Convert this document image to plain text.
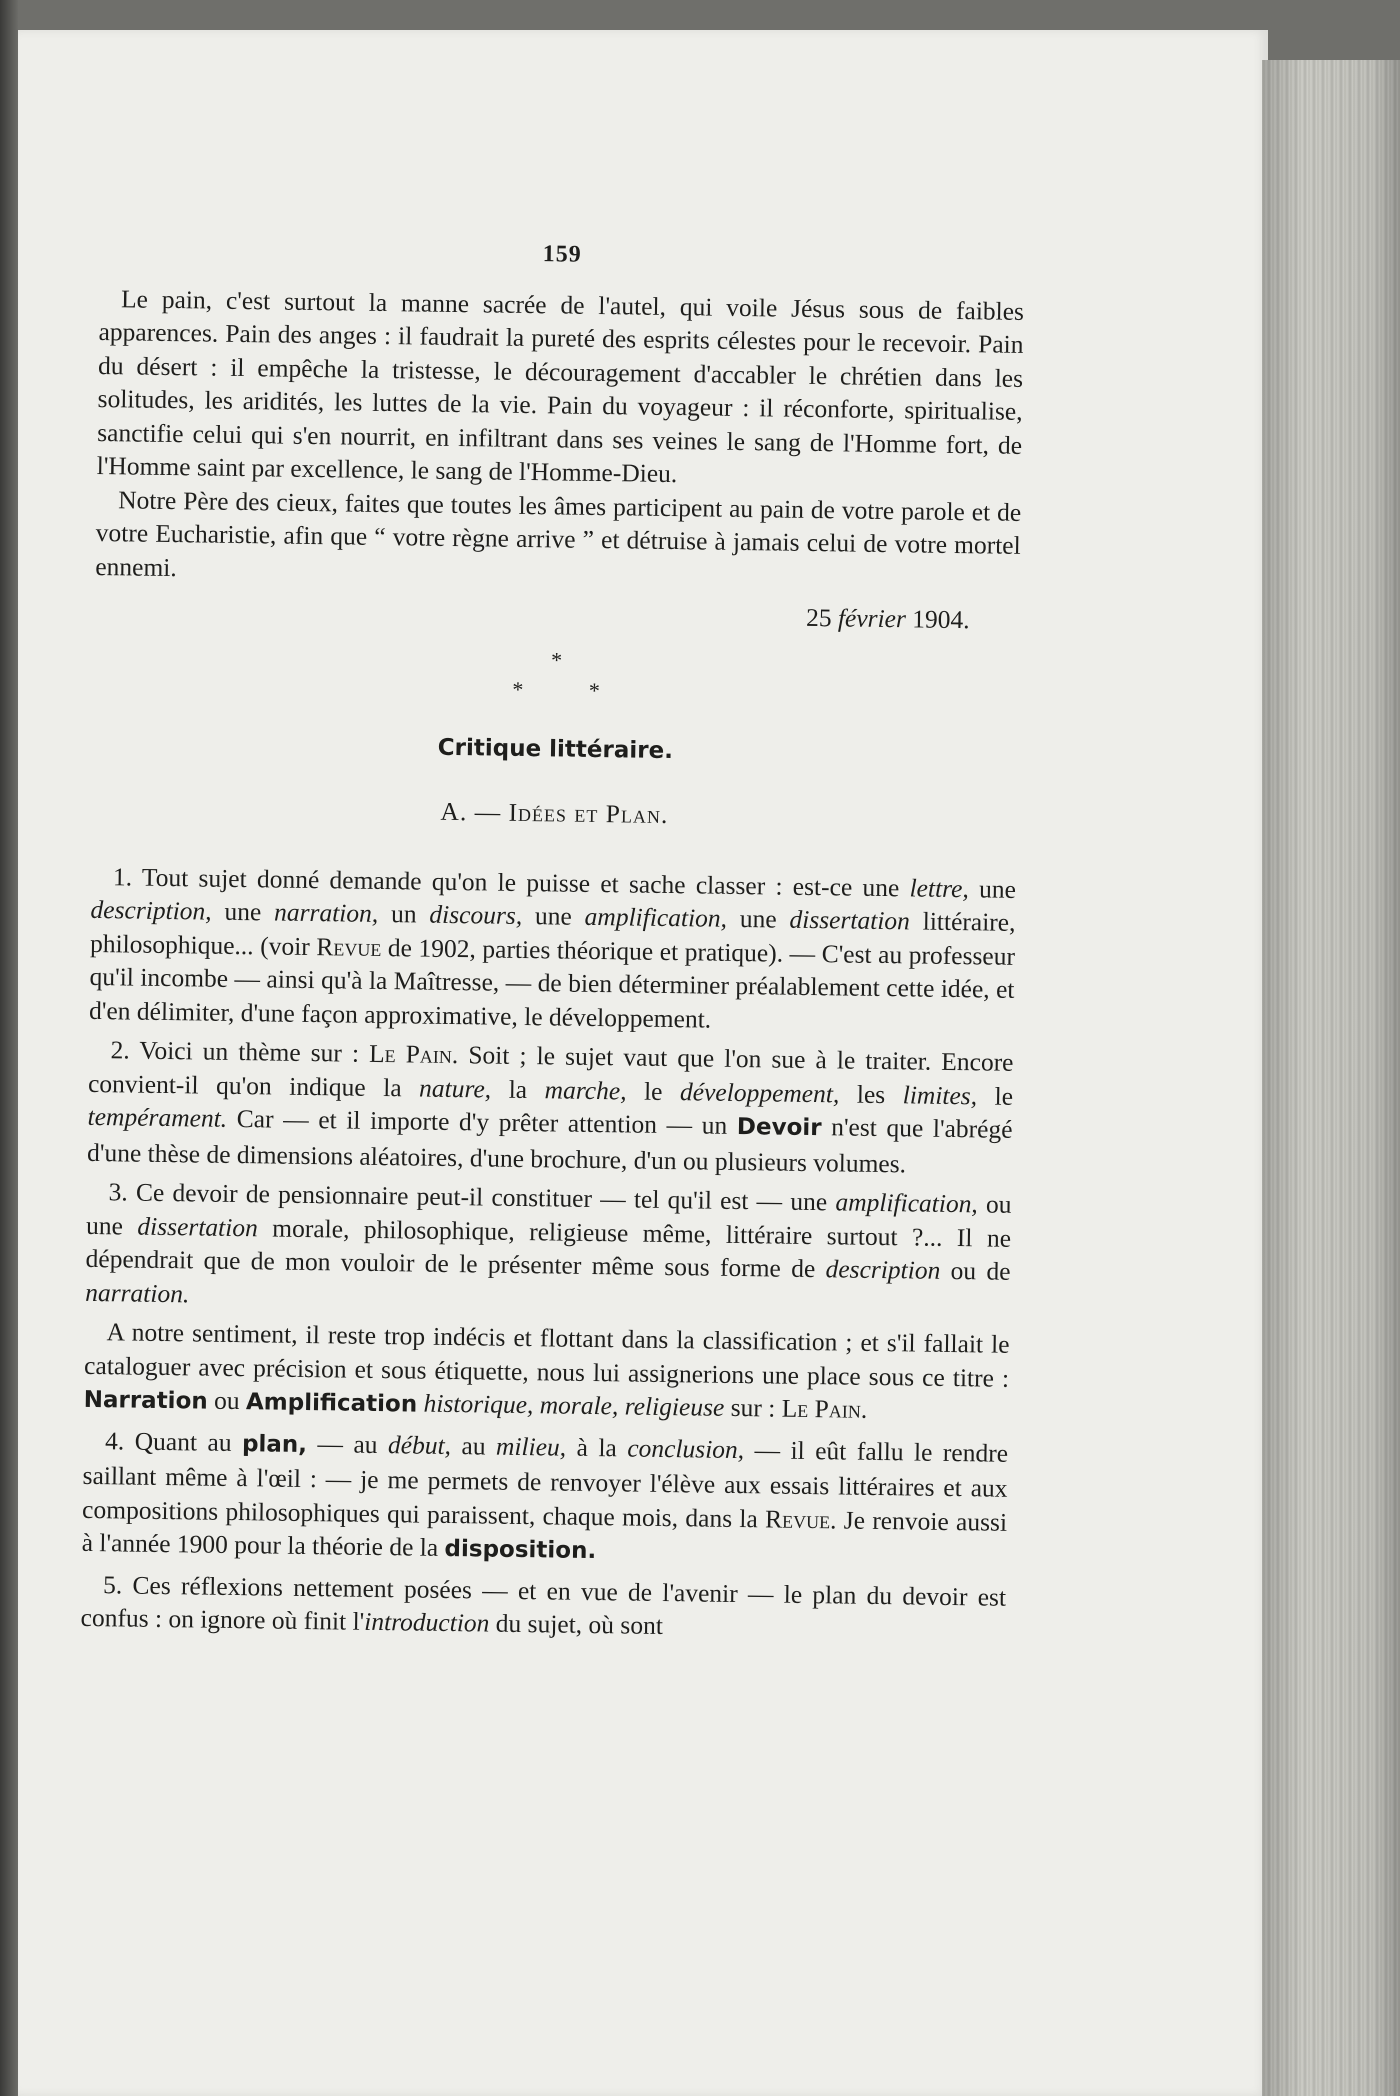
159

Le pain, c'est surtout la manne sacrée de l'autel, qui voile Jésus sous de faibles apparences. Pain des anges : il faudrait la pureté des esprits célestes pour le recevoir. Pain du désert : il empêche la tristesse, le découragement d'accabler le chrétien dans les solitudes, les aridités, les luttes de la vie. Pain du voyageur : il réconforte, spiritualise, sanctifie celui qui s'en nourrit, en infiltrant dans ses veines le sang de l'Homme fort, de l'Homme saint par excellence, le sang de l'Homme-Dieu.

Notre Père des cieux, faites que toutes les âmes participent au pain de votre parole et de votre Eucharistie, afin que “ votre règne arrive ” et détruise à jamais celui de votre mortel ennemi.

25 février 1904.
*
* *
Critique littéraire.
A. — Idées et Plan.

1. Tout sujet donné demande qu'on le puisse et sache classer : est-ce une lettre, une description, une narration, un discours, une amplification, une dissertation littéraire, philosophique... (voir Revue de 1902, parties théorique et pratique). — C'est au professeur qu'il incombe — ainsi qu'à la Maîtresse, — de bien déterminer préalablement cette idée, et d'en délimiter, d'une façon approximative, le développement.

2. Voici un thème sur : Le Pain. Soit ; le sujet vaut que l'on sue à le traiter. Encore convient-il qu'on indique la nature, la marche, le développement, les limites, le tempérament. Car — et il importe d'y prêter attention — un Devoir n'est que l'abrégé d'une thèse de dimensions aléatoires, d'une brochure, d'un ou plusieurs volumes.

3. Ce devoir de pensionnaire peut-il constituer — tel qu'il est — une amplification, ou une dissertation morale, philosophique, religieuse même, littéraire surtout ?... Il ne dépendrait que de mon vouloir de le présenter même sous forme de description ou de narration.

A notre sentiment, il reste trop indécis et flottant dans la classification ; et s'il fallait le cataloguer avec précision et sous étiquette, nous lui assignerions une place sous ce titre : Narration ou Amplification historique, morale, religieuse sur : Le Pain.

4. Quant au plan, — au début, au milieu, à la conclusion, — il eût fallu le rendre saillant même à l'œil : — je me permets de renvoyer l'élève aux essais littéraires et aux compositions philosophiques qui paraissent, chaque mois, dans la Revue. Je renvoie aussi à l'année 1900 pour la théorie de la disposition.

5. Ces réflexions nettement posées — et en vue de l'avenir — le plan du devoir est confus : on ignore où finit l'introduction du sujet, où sont
